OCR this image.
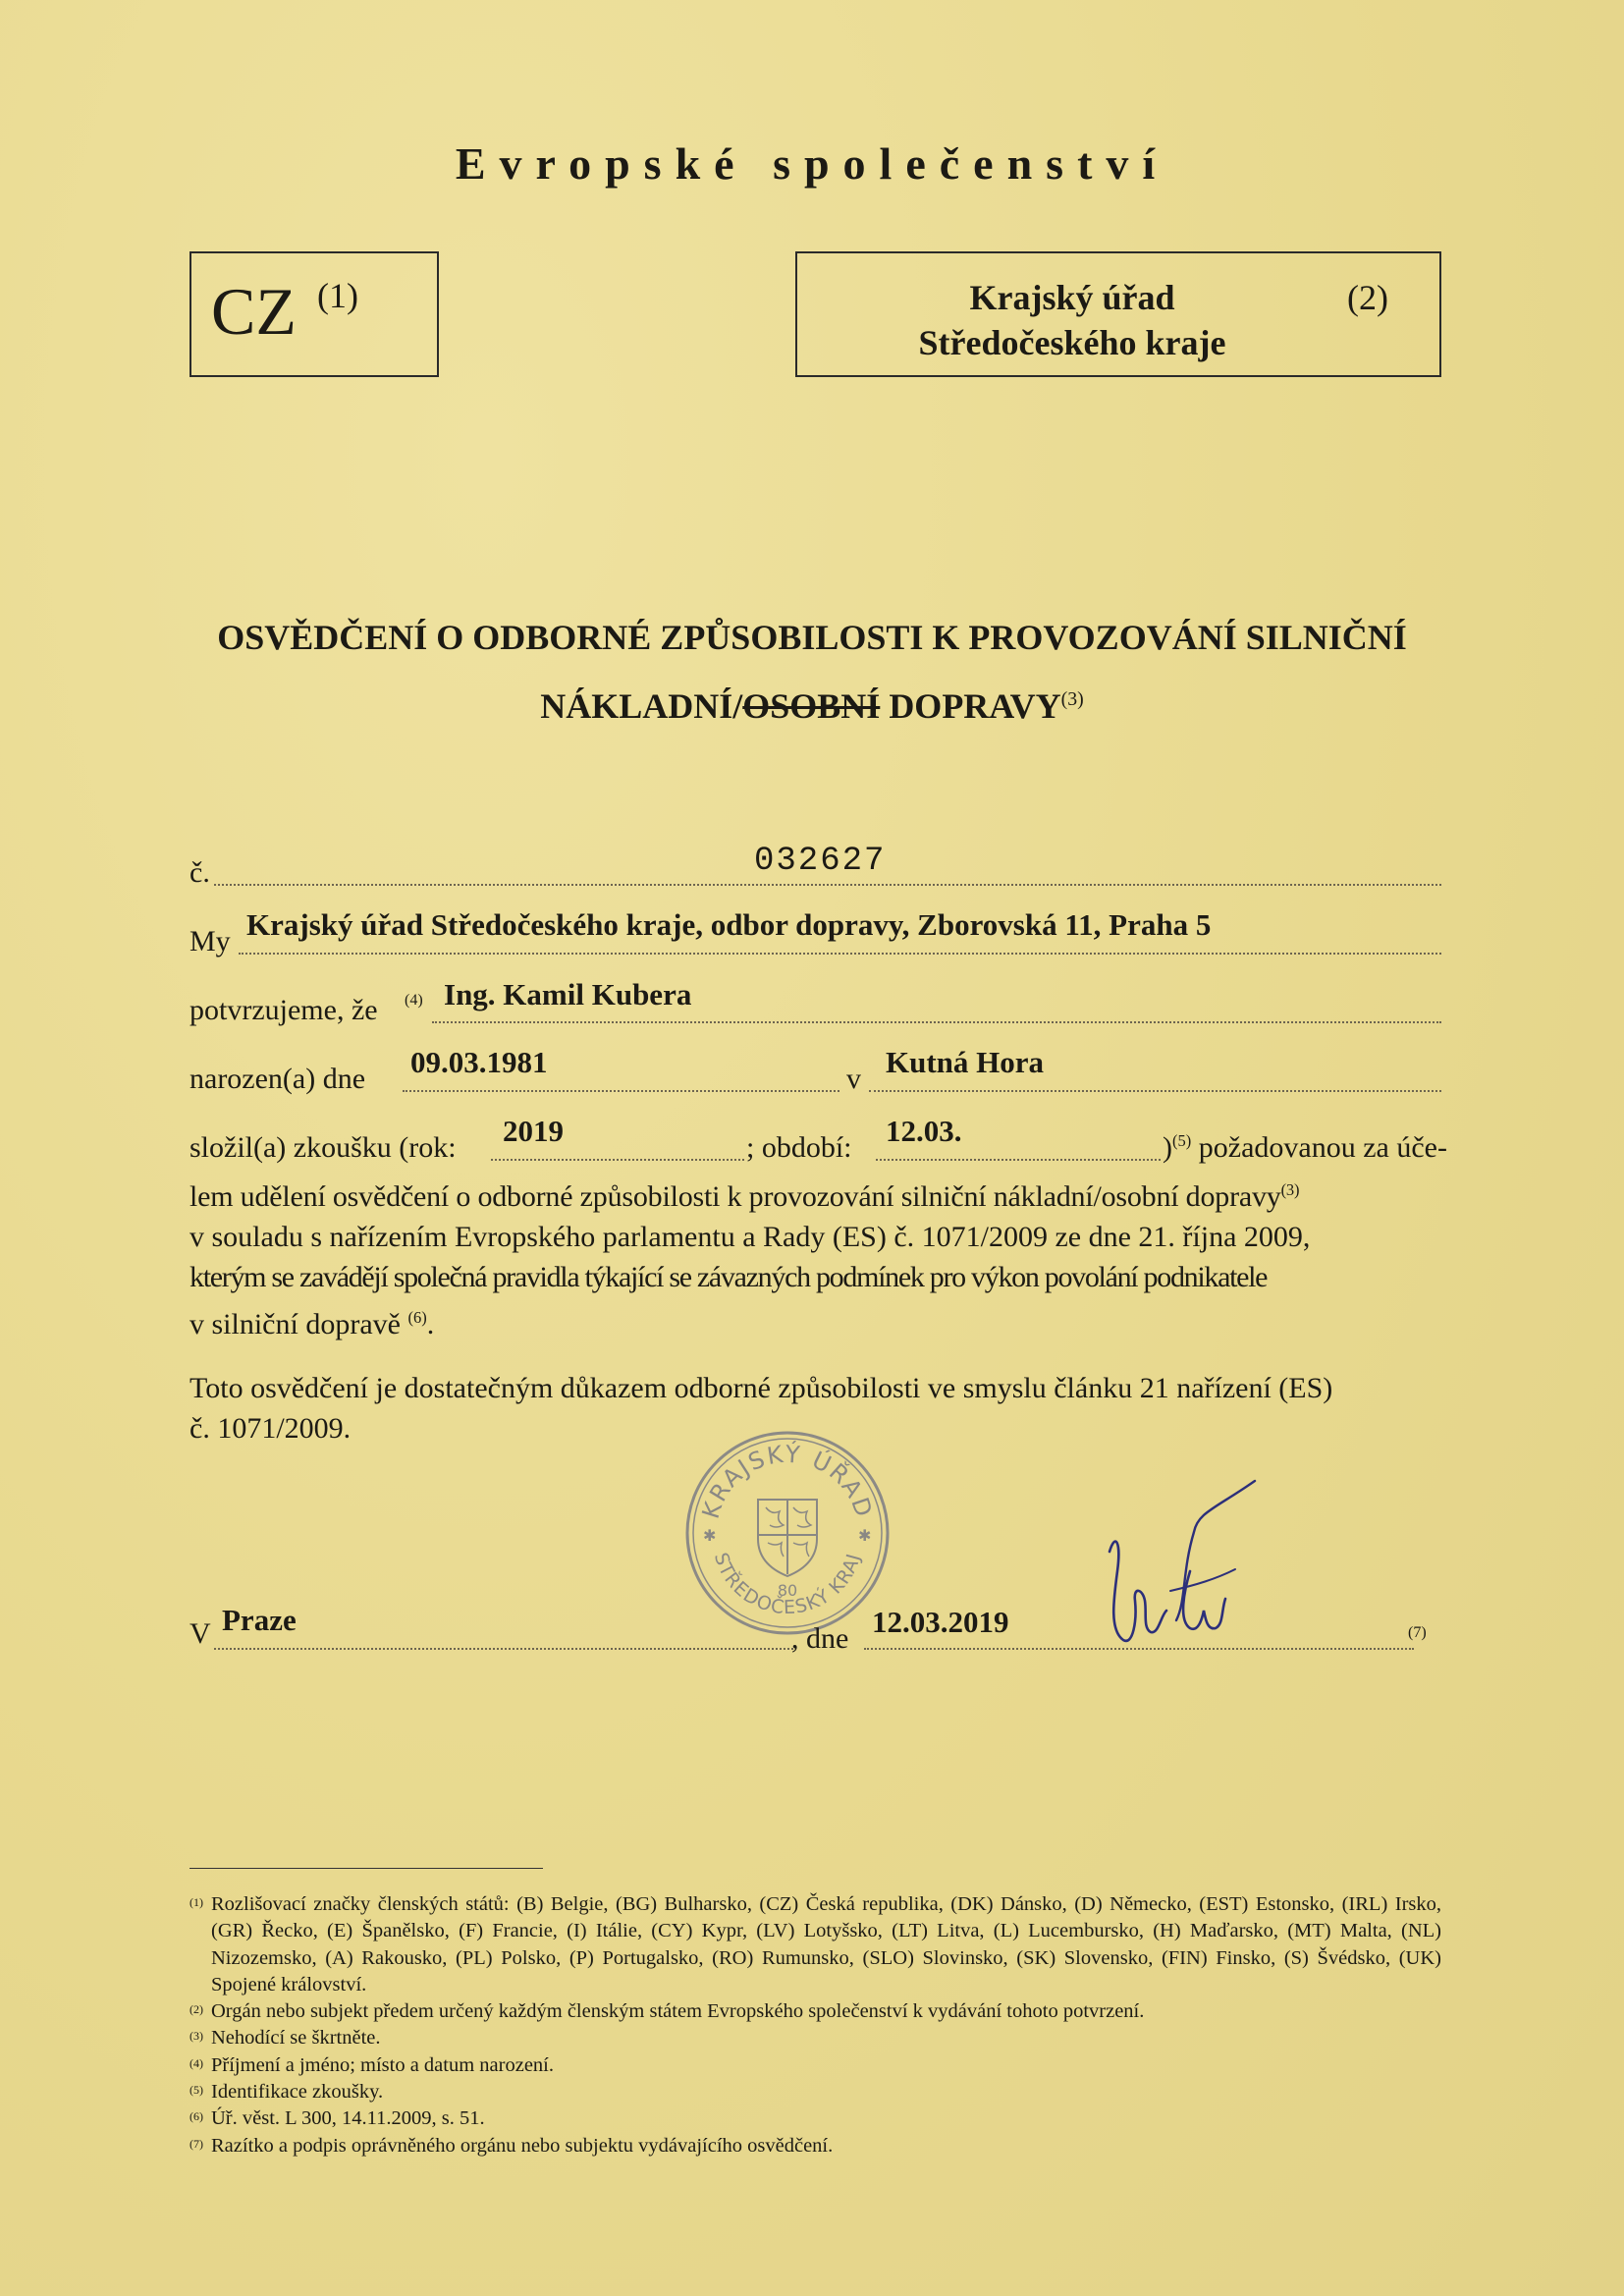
Evropské společenství
CZ (1)	Krajský úřad
Středočeského kraje
(2)
OSVĚDČENÍ O ODBORNÉ ZPŮSOBILOSTI K PROVOZOVÁNÍ SILNIČNÍ
NÁKLADNÍ/OSOBNÍ DOPRAVY$^{(3)}$
č.	032627
My Krajský úřad Středočeského kraje, odbor dopravy, Zborovská 11, Praha 5
potvrzujeme, že (4) Ing. Kamil Kubera
narozen(a) dne 09.03.1981	v Kutná Hora
složil(a) zkoušku (rok: 2019	; období: 12.03.	)$^{(5)}$ požadovanou za úče-
lem udělení osvědčení o odborné způsobilosti k provozování silniční nákladní/osobní dopravy$^{(3)}$
v souladu s nařízením Evropského parlamentu a Rady (ES) č. 1071/2009 ze dne 21. října 2009,
kterým se zavádějí společná pravidla týkající se závazných podmínek pro výkon povolání podnikatele
v silniční dopravě $^{(6)}$.
Toto osvědčení je dostatečným důkazem odborné způsobilosti ve smyslu článku 21 nařízení (ES)
č. 1071/2009.
KRAJSKÝ ÚŘAD
STŘEDOČESKÝ KRAJ
✱	✱
80
V Praze
, dne 12.03.2019	(7)
(1) Rozlišovací značky členských států: (B) Belgie, (BG) Bulharsko, (CZ) Česká republika, (DK) Dánsko, (D) Německo, (EST) Estonsko, (IRL) Irsko, (GR) Řecko, (E) Španělsko, (F) Francie, (I) Itálie, (CY) Kypr, (LV) Lotyšsko, (LT) Litva, (L) Lucembursko, (H) Maďarsko, (MT) Malta, (NL) Nizozemsko, (A) Rakousko, (PL) Polsko, (P) Portugalsko, (RO) Rumunsko, (SLO) Slovinsko, (SK) Slovensko, (FIN) Finsko, (S) Švédsko, (UK) Spojené království.
(2) Orgán nebo subjekt předem určený každým členským státem Evropského společenství k vydávání tohoto potvrzení.
(3) Nehodící se škrtněte.
(4) Příjmení a jméno; místo a datum narození.
(5) Identifikace zkoušky.
(6) Úř. věst. L 300, 14.11.2009, s. 51.
(7) Razítko a podpis oprávněného orgánu nebo subjektu vydávajícího osvědčení.
